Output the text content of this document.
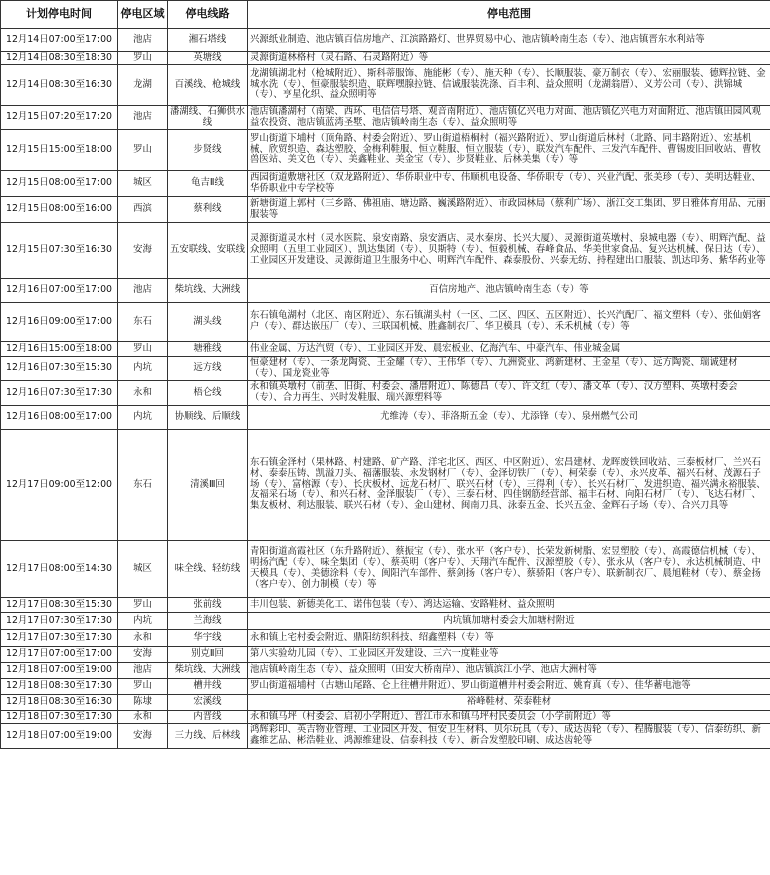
计划停电时间	停电区域	停电线路	停电范围
12月14日07:00至17:00	池店	湘石塔线	兴源纸业制造、池店镇百信房地产、江滨路路灯、世界贸易中心、池店镇岭南生态（专）、池店镇晋东水利站等
12月14日08:30至18:30	罗山	英塘线	灵源街道林格村（灵石路、石灵路附近）等
12月14日08:30至16:30	龙湖	百溪线、枪城线	龙湖镇湖北村（枪城附近）、斯科蒂服饰、施能彬（专）、施天种（专）、长顺服装、豪万制衣（专）、宏丽服装、德辉拉链、金城水洗（专）、恒豪服装织造、联辉嘿腺拉链、信诚服装洗涤、百丰利、益众照明（龙湖翁厝）、义芳公司（专）、洪锦城（专）、亨星化织、益众照明等
12月15日07:20至17:20	池店	潘湖线、石狮供水线	池店镇潘湖村（南梁、西环、电信信号塔、观音南附近）、池店镇亿兴电力对面、池店镇亿兴电力对面附近、池店镇田园风观益农投资、池店镇蓝湾圣墅、池店镇岭南生态（专）、益众照明等
12月15日15:00至18:00	罗山	步贤线	罗山街道下埔村（顶角路、村委会附近）、罗山街道梧桐村（福兴路附近）、罗山街道后林村（北路、同丰路附近）、宏基机械、欣贸织造、森达塑胶、金梅利鞋服、恒立鞋服、恒立服装（专）、联发汽车配件、三发汽车配件、曹锡废旧回收站、曹牧兽医站、美文色（专）、美鑫鞋业、美金宝（专）、步贤鞋业、后林美集（专）等
12月15日08:00至17:00	城区	龟吉Ⅱ线	西园街道敷塘社区（双龙路附近）、华侨职业中专、伟顺机电设备、华侨职专（专）、兴业汽配、张美珍（专）、美明达鞋业、华侨职业中专学校等
12月15日08:00至16:00	西滨	蔡利线	新塘街道上郭村（三乡路、佛祖庙、塘边路、巍溪路附近）、市政园林局（蔡利广场）、浙江交工集团、罗日雅体育用品、元丽服装等
12月15日07:30至16:30	安海	五安联线、安联线	灵源街道灵水村（灵水医院、泉安南路、泉安酒店、灵水秦房、长兴大厦）、灵源街道英墩村、泉城电器（专）、明辉汽配、益众照明（五里工业园区）、凯达集团（专）、贝斯特（专）、恒毅机械、春峰食品、华美世家食品、复兴达机械、保日达（专）、工业园区开发建设、灵源街道卫生服务中心、明辉汽车配件、森泰股份、兴泰无纺、持程建出口服装、凯达印务、紫华药业等
12月16日07:00至17:00	池店	柴坑线、大洲线	百信房地产、池店镇岭南生态（专）等
12月16日09:00至17:00	东石	湖头线	东石镇龟湖村（北区、南区附近）、东石镇湖头村（一区、二区、四区、五区附近）、长兴汽配厂、福文塑料（专）、张仙娟客户（专）、群达嵌压厂（专）、三联国机械、胜鑫制衣厂、华卫模具（专）、禾禾机械（专）等
12月16日15:00至18:00	罗山	塘雅线	伟业金属、万达汽贸（专）、工业园区开发、晨宏板业、亿海汽车、中豪汽车、伟业城金属
12月16日07:30至15:30	内坑	远方线	恒豪建材（专）、一条龙陶瓷、王金耀（专）、王伟华（专）、九洲瓷业、鸿新建材、王金星（专）、远方陶瓷、瑞诚建材（专）、国龙瓷业等
12月16日07:30至17:30	永和	梧仑线	永和镇英墩村（前垄、旧街、村委会、潘厝附近）、陈德昌（专）、许文红（专）、潘文革（专）、汉方塑料、英墩村委会（专）、合力再生、兴时发鞋服、瑞兴源塑料等
12月16日08:00至17:00	内坑	协顺线、后顺线	尤维涛（专）、菲洛斯五金（专）、尤添锋（专）、泉州燃气公司
12月17日09:00至12:00	东石	清溪Ⅲ回	东石镇金泽村（果林路、村建路、矿产路、洋宅北区、西区、中区附近）、宏昌建材、龙晖废铁回收站、三泰板材厂、兰兴石材、泰泰压铸、凯溢刀头、福藩服装、永发钢材厂（专）、金泽切铁厂（专）、柯荣泰（专）、永兴皮革、福兴石材、茂源石子场（专）、富榕源（专）、长庆板材、远龙石材厂、联兴石材（专）、三得利（专）、长兴石材厂、发进织造、福兴满永裕服装、友福采石场（专）、和兴石材、金泽服装厂（专）、三泰石材、四佳钢筋经营部、福丰石材、向阳石材厂（专）、飞达石材厂、集友板材、利达服装、联兴石材（专）、金山建材、闽南刀具、泳泰五金、长兴五金、金辉石子场（专）、合兴刀具等
12月17日08:00至14:30	城区	味全线、轻纺线	青阳街道高霞社区（东升路附近）、蔡振宝（专）、张水平（客户专）、长荣发新树脂、宏昱塑胶（专）、高霞德信机械（专）、明扬汽配（专）、味全集团（专）、蔡英明（客户专）、天翔汽车配件、汉源塑胶（专）、张永从（客户专）、永达机械制造、中天模具（专）、美德涂料（专）、闽阳汽车部件、蔡剑扬（客户专）、蔡骄阳（客户专）、联新制衣厂、晨旭鞋材（专）、蔡金扬（客户专）、创力制模（专）等
12月17日08:30至15:30	罗山	张前线	丰川包装、新德美化工、诺伟包装（专）、鸿达运输、安路鞋材、益众照明
12月17日07:30至17:30	内坑	兰海线	内坑镇加塘村委会大加塘村附近
12月17日07:30至17:30	永和	华宇线	永和镇上宅村委会附近、鼎阳纺织科技、绍鑫塑料（专）等
12月17日07:00至17:00	安海	别克Ⅱ回	第八实验幼儿园（专）、工业园区开发建设、三六一度鞋业等
12月18日07:00至19:00	池店	柴坑线、大洲线	池店镇岭南生态（专）、益众照明（田安大桥南岸）、池店镇滨江小学、池店大洲村等
12月18日08:30至17:30	罗山	槽井线	罗山街道福埔村（古塘山尾路、仑上往槽井附近）、罗山街道槽井村委会附近、姚育真（专）、佳华蓄电池等
12月18日08:30至16:30	陈埭	宏溪线	裕峰鞋材、荣泰鞋材
12月18日07:30至17:30	永和	内晋线	永和镇马坪（村委会、启初小学附近）、晋江市永和镇马坪村民委员会（小学前附近）等
12月18日07:00至19:00	安海	三力线、后林线	鸿辉彩印、英吉物业管理、工业园区开发、恒安卫生材料、贝尔玩具（专）、成达齿轮（专）、程腾服装（专）、信泰纺织、新鑫维艺品、彬浩鞋业、鸿源维建设、信泰科技（专）、新合发塑胶印刷、成达齿轮等
